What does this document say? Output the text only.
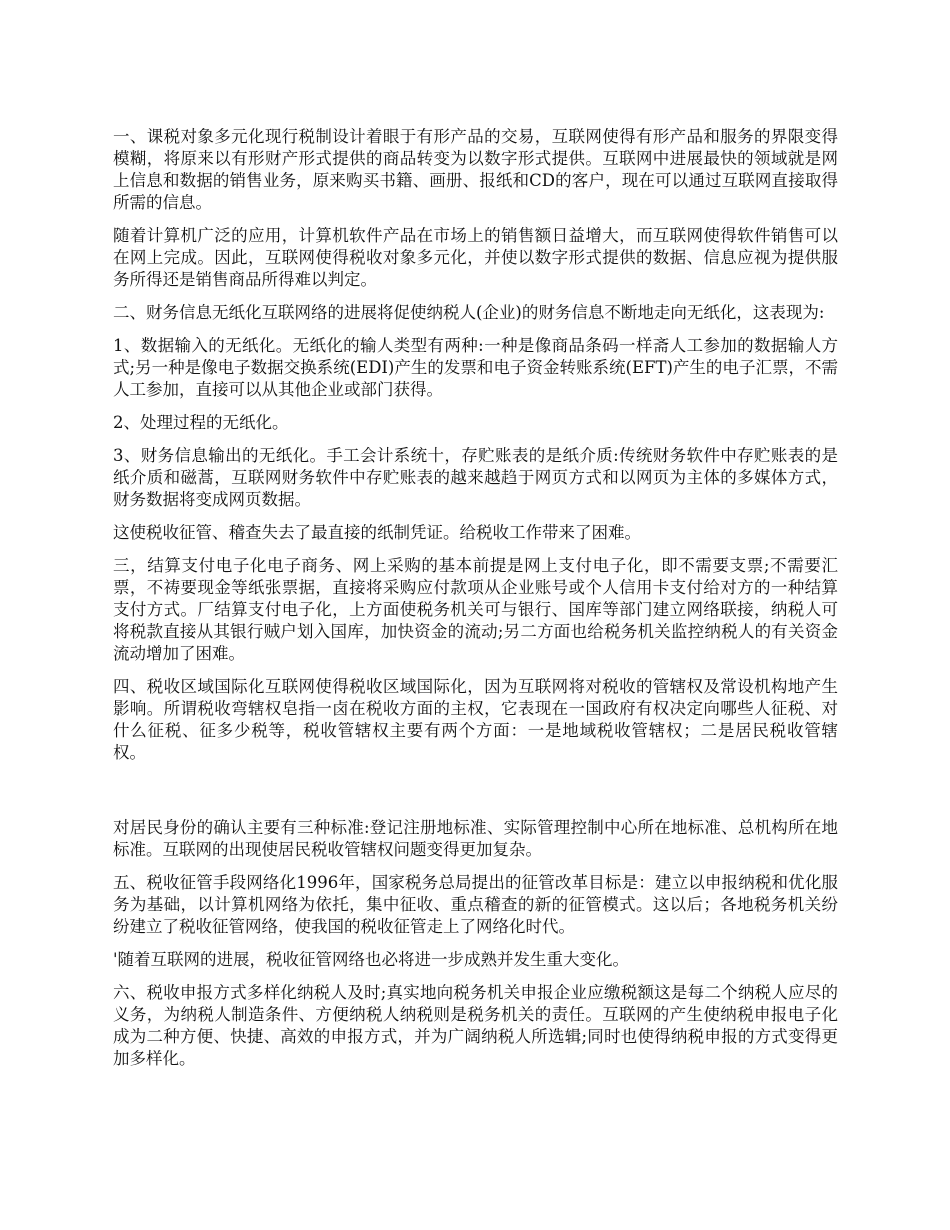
一、课税对象多元化现行税制设计着眼于有形产品的交易，互联网使得有形产品和服务的界限变得模糊，将原来以有形财产形式提供的商品转变为以数字形式提供。互联网中进展最快的领域就是网上信息和数据的销售业务，原来购买书籍、画册、报纸和CD的客户，现在可以通过互联网直接取得所需的信息。

随着计算机广泛的应用，计算机软件产品在市场上的销售额日益增大，而互联网使得软件销售可以在网上完成。因此，互联网使得税收对象多元化，并使以数字形式提供的数据、信息应视为提供服务所得还是销售商品所得难以判定。

二、财务信息无纸化互联网络的进展将促使纳税人(企业)的财务信息不断地走向无纸化，这表现为:

1、数据输入的无纸化。无纸化的输人类型有两种:一种是像商品条码一样斋人工参加的数据输人方式;另一种是像电子数据交换系统(EDI)产生的发票和电子资金转账系统(EFT)产生的电子汇票，不需人工参加，直接可以从其他企业或部门获得。

2、处理过程的无纸化。

3、财务信息输出的无纸化。手工会计系统十，存贮账表的是纸介质:传统财务软件中存贮账表的是纸介质和磁蒿，互联网财务软件中存贮账表的越来越趋于网页方式和以网页为主体的多媒体方式，财务数据将变成网页数据。

这使税收征管、稽查失去了最直接的纸制凭证。给税收工作带来了困难。

三，结算支付电子化电子商务、网上采购的基本前提是网上支付电子化，即不需要支票;不需要汇票，不祷要现金等纸张票据，直接将采购应付款项从企业账号或个人信用卡支付给对方的一种结算支付方式。厂结算支付电子化，上方面使税务机关可与银行、国库等部门建立网络联接，纳税人可将税款直接从其银行贼户划入国库，加快资金的流动;另二方面也给税务机关监控纳税人的有关资金流动增加了困难。

四、税收区域国际化互联网使得税收区域国际化，因为互联网将对税收的管辖权及常设机构地产生影响。所谓税收弯辖权皂指一卤在税收方面的主权，它表现在一国政府有权决定向哪些人征税、对什么征税、征多少税等，税收管辖权主要有两个方面：一是地域税收管辖权；二是居民税收管辖权。

对居民身份的确认主要有三种标准:登记注册地标准、实际管理控制中心所在地标准、总机构所在地标准。互联网的出现使居民税收管辖权问题变得更加复杂。

五、税收征管手段网络化1996年，国家税务总局提出的征管改革目标是：建立以申报纳税和优化服务为基础，以计算机网络为依托，集中征收、重点稽查的新的征管模式。这以后；各地税务机关纷纷建立了税收征管网络，使我国的税收征管走上了网络化时代。

'随着互联网的进展，税收征管网络也必将进一步成熟并发生重大变化。

六、税收申报方式多样化纳税人及时;真实地向税务机关申报企业应缴税额这是每二个纳税人应尽的义务，为纳税人制造条件、方便纳税人纳税则是税务机关的责任。互联网的产生使纳税申报电子化成为二种方便、快捷、高效的申报方式，并为广阔纳税人所选辑;同时也使得纳税申报的方式变得更加多样化。
